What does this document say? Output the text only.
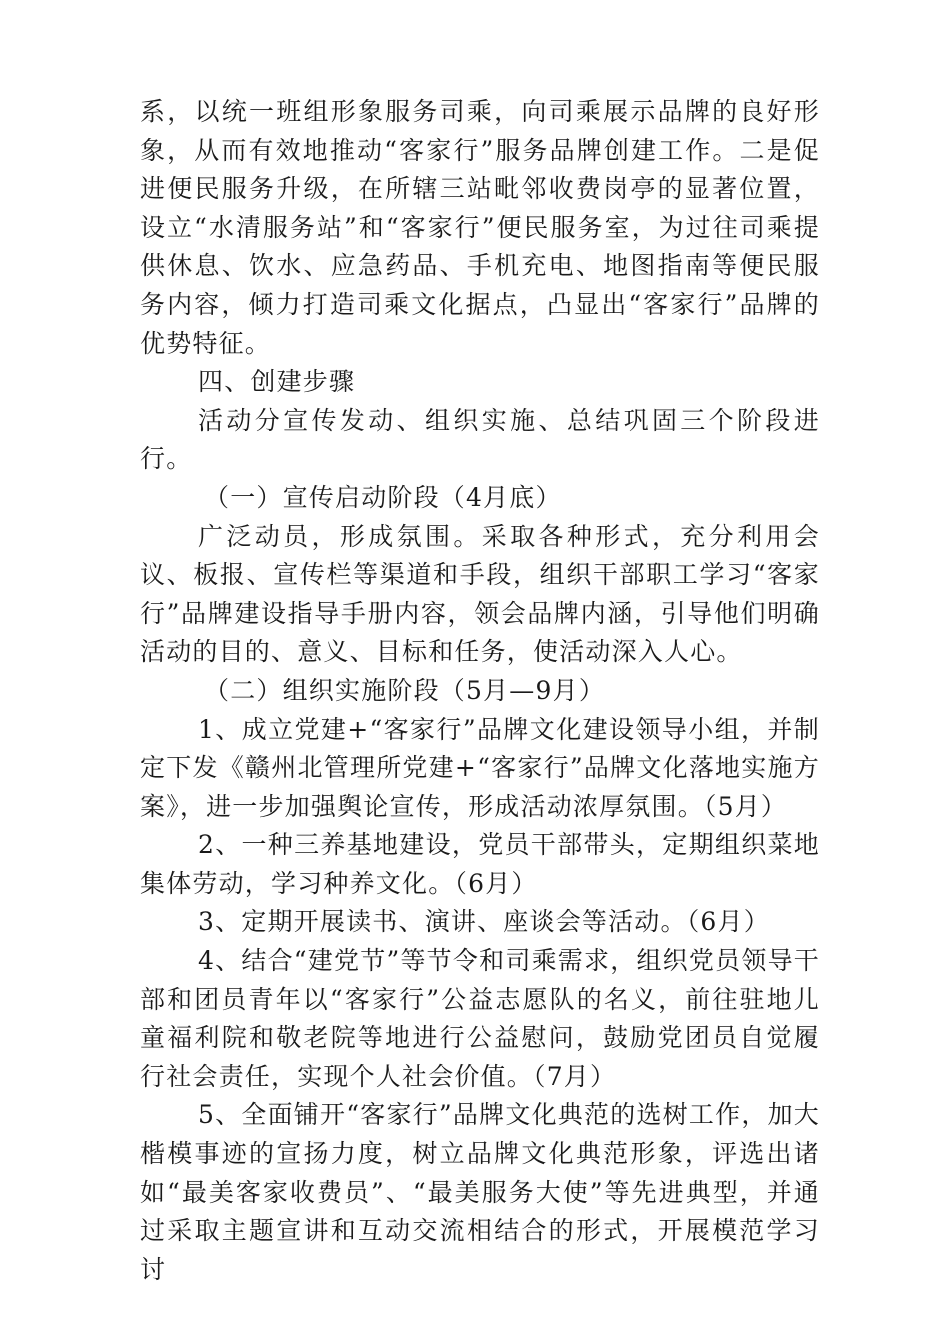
系，以统一班组形象服务司乘，向司乘展示品牌的良好形象，从而有效地推动“客家行”服务品牌创建工作。二是促进便民服务升级，在所辖三站毗邻收费岗亭的显著位置，设立“水清服务站”和“客家行”便民服务室，为过往司乘提供休息、饮水、应急药品、手机充电、地图指南等便民服务内容，倾力打造司乘文化据点，凸显出“客家行”品牌的优势特征。

四、创建步骤

活动分宣传发动、组织实施、总结巩固三个阶段进行。

（一）宣传启动阶段（4月底）

广泛动员，形成氛围。采取各种形式，充分利用会议、板报、宣传栏等渠道和手段，组织干部职工学习“客家行”品牌建设指导手册内容，领会品牌内涵，引导他们明确活动的目的、意义、目标和任务，使活动深入人心。

（二）组织实施阶段（5月—9月）

1、成立党建+“客家行”品牌文化建设领导小组，并制定下发《赣州北管理所党建+“客家行”品牌文化落地实施方案》，进一步加强舆论宣传，形成活动浓厚氛围。（5月）

2、一种三养基地建设，党员干部带头，定期组织菜地集体劳动，学习种养文化。（6月）

3、定期开展读书、演讲、座谈会等活动。（6月）

4、结合“建党节”等节令和司乘需求，组织党员领导干部和团员青年以“客家行”公益志愿队的名义，前往驻地儿童福利院和敬老院等地进行公益慰问，鼓励党团员自觉履行社会责任，实现个人社会价值。（7月）

5、全面铺开“客家行”品牌文化典范的选树工作，加大楷模事迹的宣扬力度，树立品牌文化典范形象，评选出诸如“最美客家收费员”、“最美服务大使”等先进典型，并通过采取主题宣讲和互动交流相结合的形式，开展模范学习讨
